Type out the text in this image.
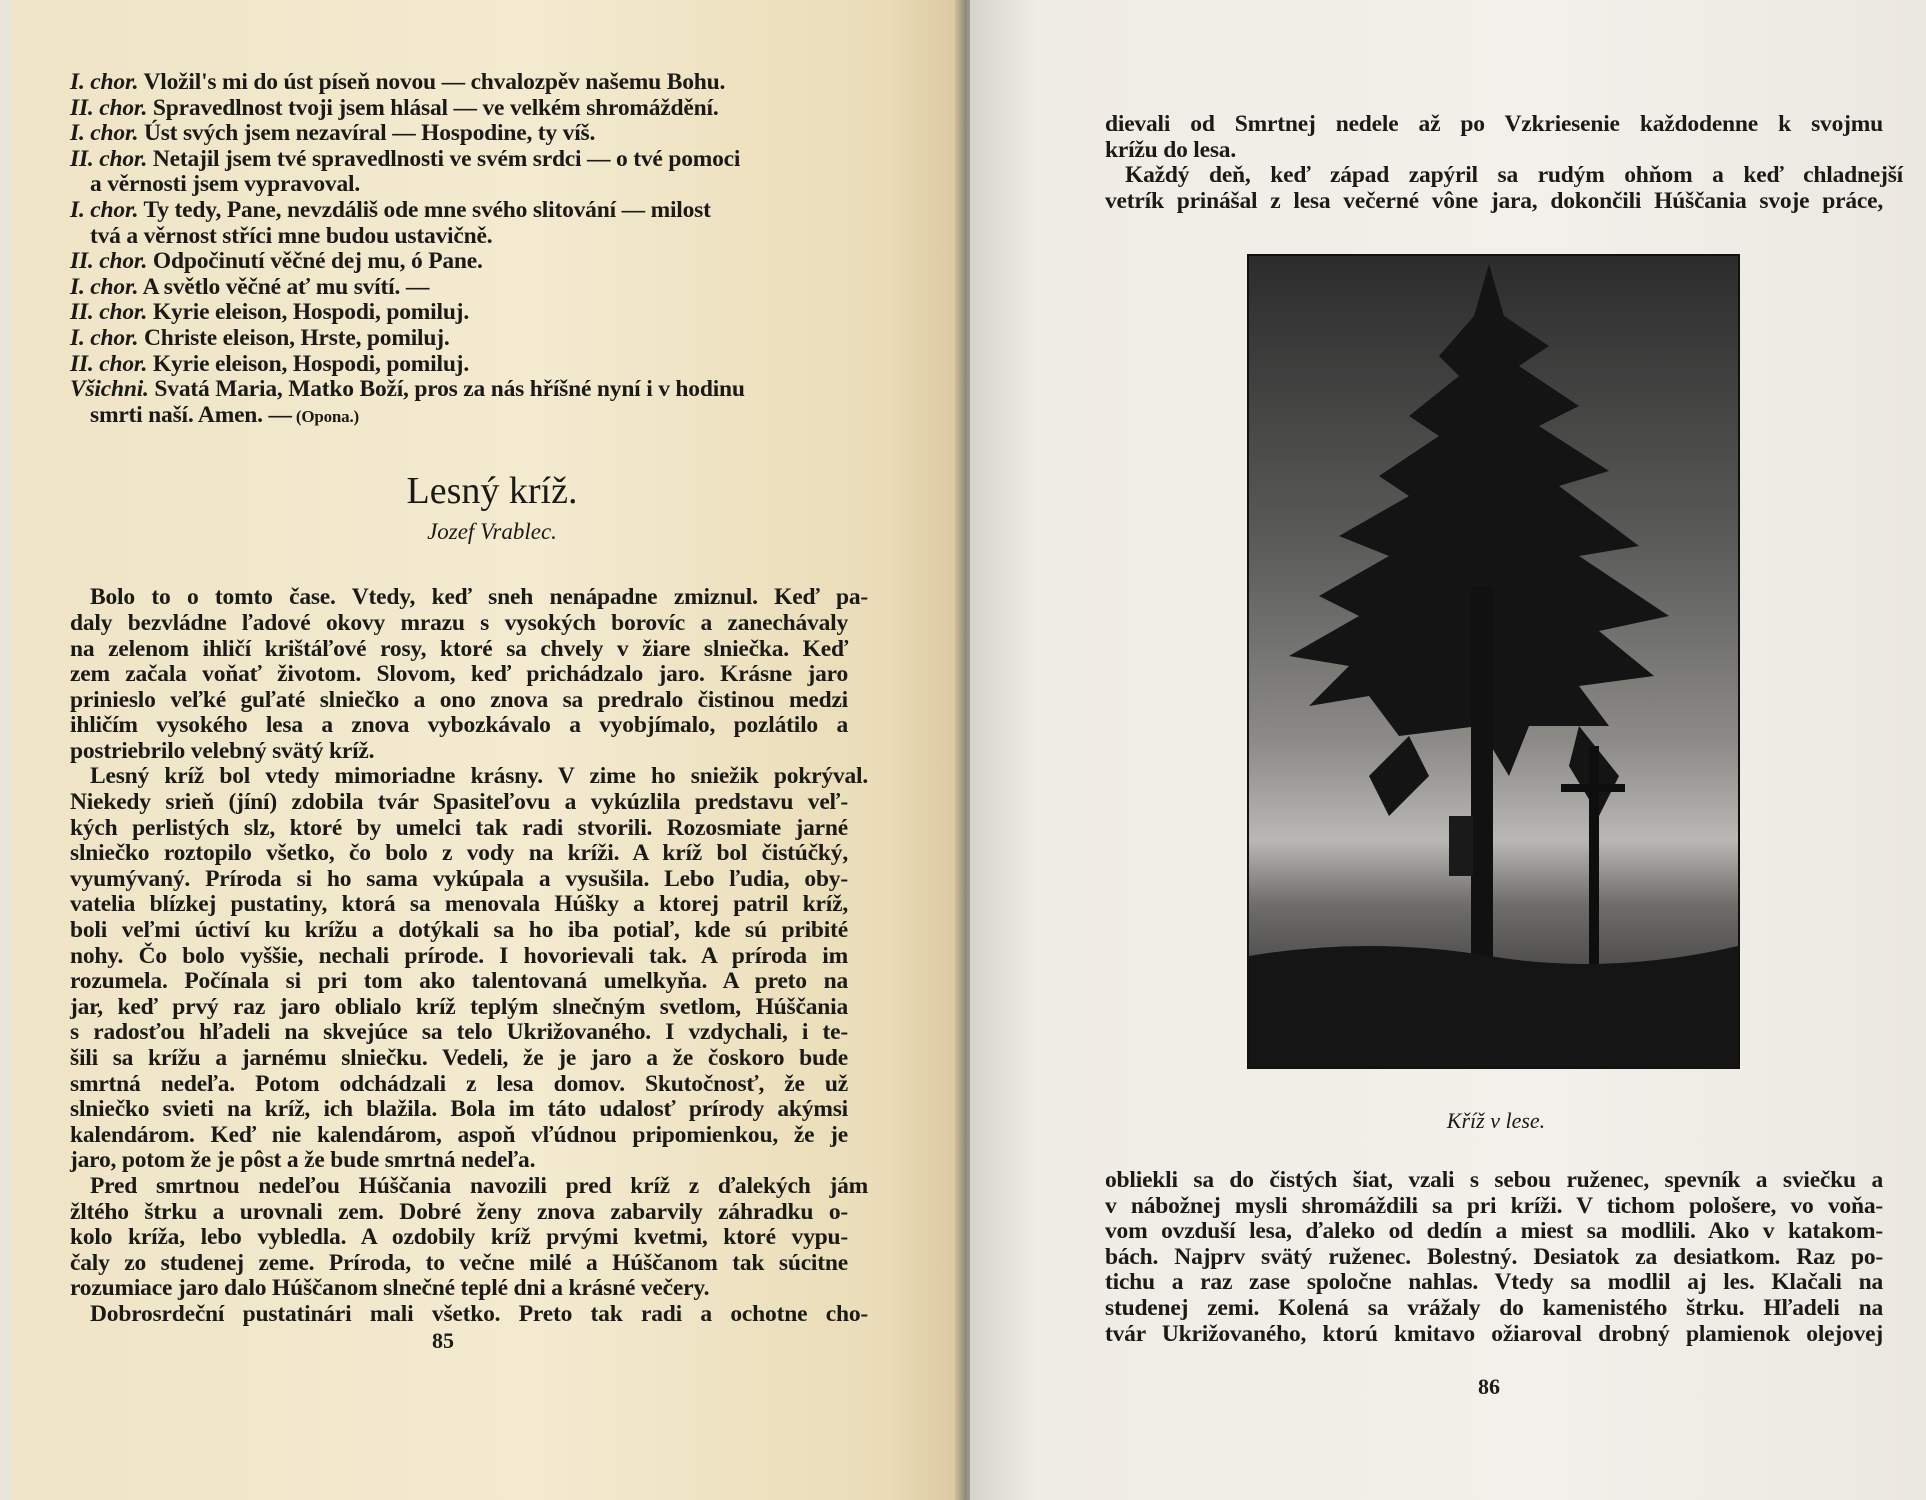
I. chor. Vložil's mi do úst píseň novou — chvalozpěv našemu Bohu.
II. chor. Spravedlnost tvoji jsem hlásal — ve velkém shromáždění.
I. chor. Úst svých jsem nezavíral — Hospodine, ty víš.
II. chor. Netajil jsem tvé spravedlnosti ve svém srdci — o tvé pomoci
a věrnosti jsem vypravoval.
I. chor. Ty tedy, Pane, nevzdáliš ode mne svého slitování — milost
tvá a věrnost stříci mne budou ustavičně.
II. chor. Odpočinutí věčné dej mu, ó Pane.
I. chor. A světlo věčné ať mu svítí. —
II. chor. Kyrie eleison, Hospodi, pomiluj.
I. chor. Christe eleison, Hrste, pomiluj.
II. chor. Kyrie eleison, Hospodi, pomiluj.
Všichni. Svatá Maria, Matko Boží, pros za nás hříšné nyní i v hodinu
smrti naší. Amen. — (Opona.)
Lesný kríž.
Jozef Vrablec.
Bolo to o tomto čase. Vtedy, keď sneh nenápadne zmiznul. Keď pa-
daly bezvládne ľadové okovy mrazu s vysokých borovíc a zanechávaly
na zelenom ihličí krištáľové rosy, ktoré sa chvely v žiare slniečka. Keď
zem začala voňať životom. Slovom, keď prichádzalo jaro. Krásne jaro
prinieslo veľké guľaté slniečko a ono znova sa predralo čistinou medzi
ihličím vysokého lesa a znova vybozkávalo a vyobjímalo, pozlátilo a
postriebrilo velebný svätý kríž.
Lesný kríž bol vtedy mimoriadne krásny. V zime ho sniežik pokrýval.
Niekedy srieň (jíní) zdobila tvár Spasiteľovu a vykúzlila predstavu veľ-
kých perlistých slz, ktoré by umelci tak radi stvorili. Rozosmiate jarné
slniečko roztopilo všetko, čo bolo z vody na kríži. A kríž bol čistúčký,
vyumývaný. Príroda si ho sama vykúpala a vysušila. Lebo ľudia, oby-
vatelia blízkej pustatiny, ktorá sa menovala Húšky a ktorej patril kríž,
boli veľmi úctiví ku krížu a dotýkali sa ho iba potiaľ, kde sú pribité
nohy. Čo bolo vyššie, nechali prírode. I hovorievali tak. A príroda im
rozumela. Počínala si pri tom ako talentovaná umelkyňa. A preto na
jar, keď prvý raz jaro oblialo kríž teplým slnečným svetlom, Húščania
s radosťou hľadeli na skvejúce sa telo Ukrižovaného. I vzdychali, i te-
šili sa krížu a jarnému slniečku. Vedeli, že je jaro a že čoskoro bude
smrtná nedeľa. Potom odchádzali z lesa domov. Skutočnosť, že už
slniečko svieti na kríž, ich blažila. Bola im táto udalosť prírody akýmsi
kalendárom. Keď nie kalendárom, aspoň vľúdnou pripomienkou, že je
jaro, potom že je pôst a že bude smrtná nedeľa.
Pred smrtnou nedeľou Húščania navozili pred kríž z ďalekých jám
žltého štrku a urovnali zem. Dobré ženy znova zabarvily záhradku o-
kolo kríža, lebo vybledla. A ozdobily kríž prvými kvetmi, ktoré vypu-
čaly zo studenej zeme. Príroda, to večne milé a Húščanom tak súcitne
rozumiace jaro dalo Húščanom slnečné teplé dni a krásné večery.
Dobrosrdeční pustatinári mali všetko. Preto tak radi a ochotne cho-
dievali od Smrtnej nedele až po Vzkriesenie každodenne k svojmu
krížu do lesa.
Každý deň, keď západ zapýril sa rudým ohňom a keď chladnejší
vetrík prinášal z lesa večerné vône jara, dokončili Húščania svoje práce,
Kříž v lese.
obliekli sa do čistých šiat, vzali s sebou ruženec, spevník a sviečku a
v nábožnej mysli shromáždili sa pri kríži. V tichom pološere, vo voňa-
vom ovzduší lesa, ďaleko od dedín a miest sa modlili. Ako v katakom-
bách. Najprv svätý ruženec. Bolestný. Desiatok za desiatkom. Raz po-
tichu a raz zase spoločne nahlas. Vtedy sa modlil aj les. Klačali na
studenej zemi. Kolená sa vrážaly do kamenistého štrku. Hľadeli na
tvár Ukrižovaného, ktorú kmitavo ožiaroval drobný plamienok olejovej
85
86
